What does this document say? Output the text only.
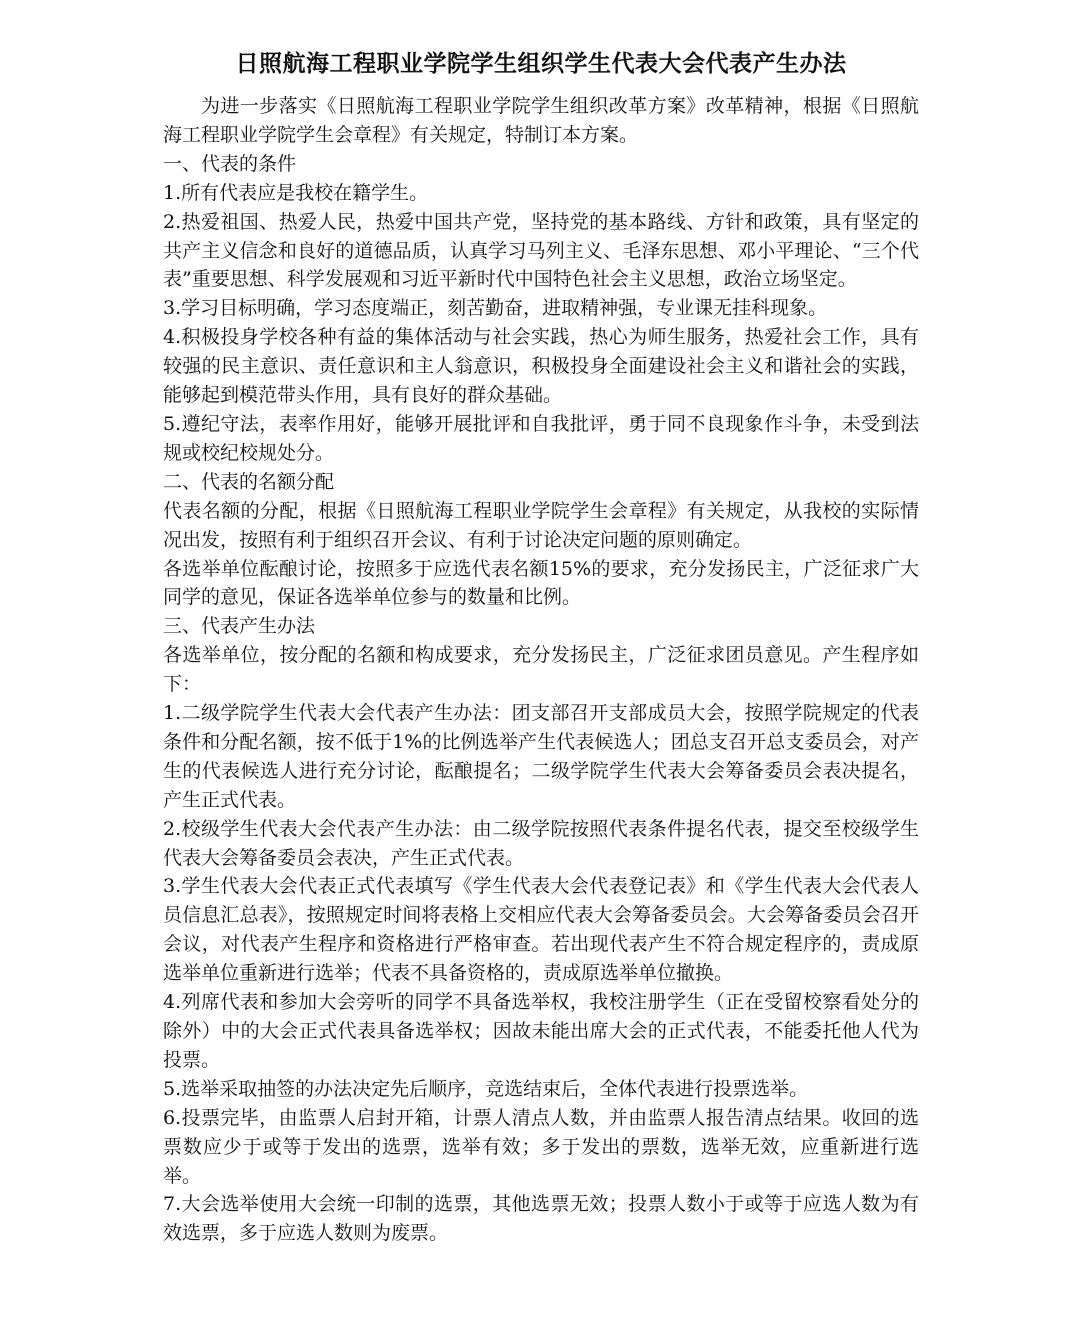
日照航海工程职业学院学生组织学生代表大会代表产生办法

为进一步落实《日照航海工程职业学院学生组织改革方案》改革精神，根据《日照航海工程职业学院学生会章程》有关规定，特制订本方案。

一、代表的条件

1.所有代表应是我校在籍学生。

2.热爱祖国、热爱人民，热爱中国共产党，坚持党的基本路线、方针和政策，具有坚定的共产主义信念和良好的道德品质，认真学习马列主义、毛泽东思想、邓小平理论、“三个代表”重要思想、科学发展观和习近平新时代中国特色社会主义思想，政治立场坚定。

3.学习目标明确，学习态度端正，刻苦勤奋，进取精神强，专业课无挂科现象。

4.积极投身学校各种有益的集体活动与社会实践，热心为师生服务，热爱社会工作，具有较强的民主意识、责任意识和主人翁意识，积极投身全面建设社会主义和谐社会的实践，能够起到模范带头作用，具有良好的群众基础。

5.遵纪守法，表率作用好，能够开展批评和自我批评，勇于同不良现象作斗争，未受到法规或校纪校规处分。

二、代表的名额分配

代表名额的分配，根据《日照航海工程职业学院学生会章程》有关规定，从我校的实际情况出发，按照有利于组织召开会议、有利于讨论决定问题的原则确定。

各选举单位酝酿讨论，按照多于应选代表名额15%的要求，充分发扬民主，广泛征求广大同学的意见，保证各选举单位参与的数量和比例。

三、代表产生办法

各选举单位，按分配的名额和构成要求，充分发扬民主，广泛征求团员意见。产生程序如下：

1.二级学院学生代表大会代表产生办法：团支部召开支部成员大会，按照学院规定的代表条件和分配名额，按不低于1%的比例选举产生代表候选人；团总支召开总支委员会，对产生的代表候选人进行充分讨论，酝酿提名；二级学院学生代表大会筹备委员会表决提名，产生正式代表。

2.校级学生代表大会代表产生办法：由二级学院按照代表条件提名代表，提交至校级学生代表大会筹备委员会表决，产生正式代表。

3.学生代表大会代表正式代表填写《学生代表大会代表登记表》和《学生代表大会代表人员信息汇总表》，按照规定时间将表格上交相应代表大会筹备委员会。大会筹备委员会召开会议，对代表产生程序和资格进行严格审查。若出现代表产生不符合规定程序的，责成原选举单位重新进行选举；代表不具备资格的，责成原选举单位撤换。

4.列席代表和参加大会旁听的同学不具备选举权，我校注册学生（正在受留校察看处分的除外）中的大会正式代表具备选举权；因故未能出席大会的正式代表，不能委托他人代为投票。

5.选举采取抽签的办法决定先后顺序，竞选结束后，全体代表进行投票选举。

6.投票完毕，由监票人启封开箱，计票人清点人数，并由监票人报告清点结果。收回的选票数应少于或等于发出的选票，选举有效；多于发出的票数，选举无效，应重新进行选举。

7.大会选举使用大会统一印制的选票，其他选票无效；投票人数小于或等于应选人数为有效选票，多于应选人数则为废票。
